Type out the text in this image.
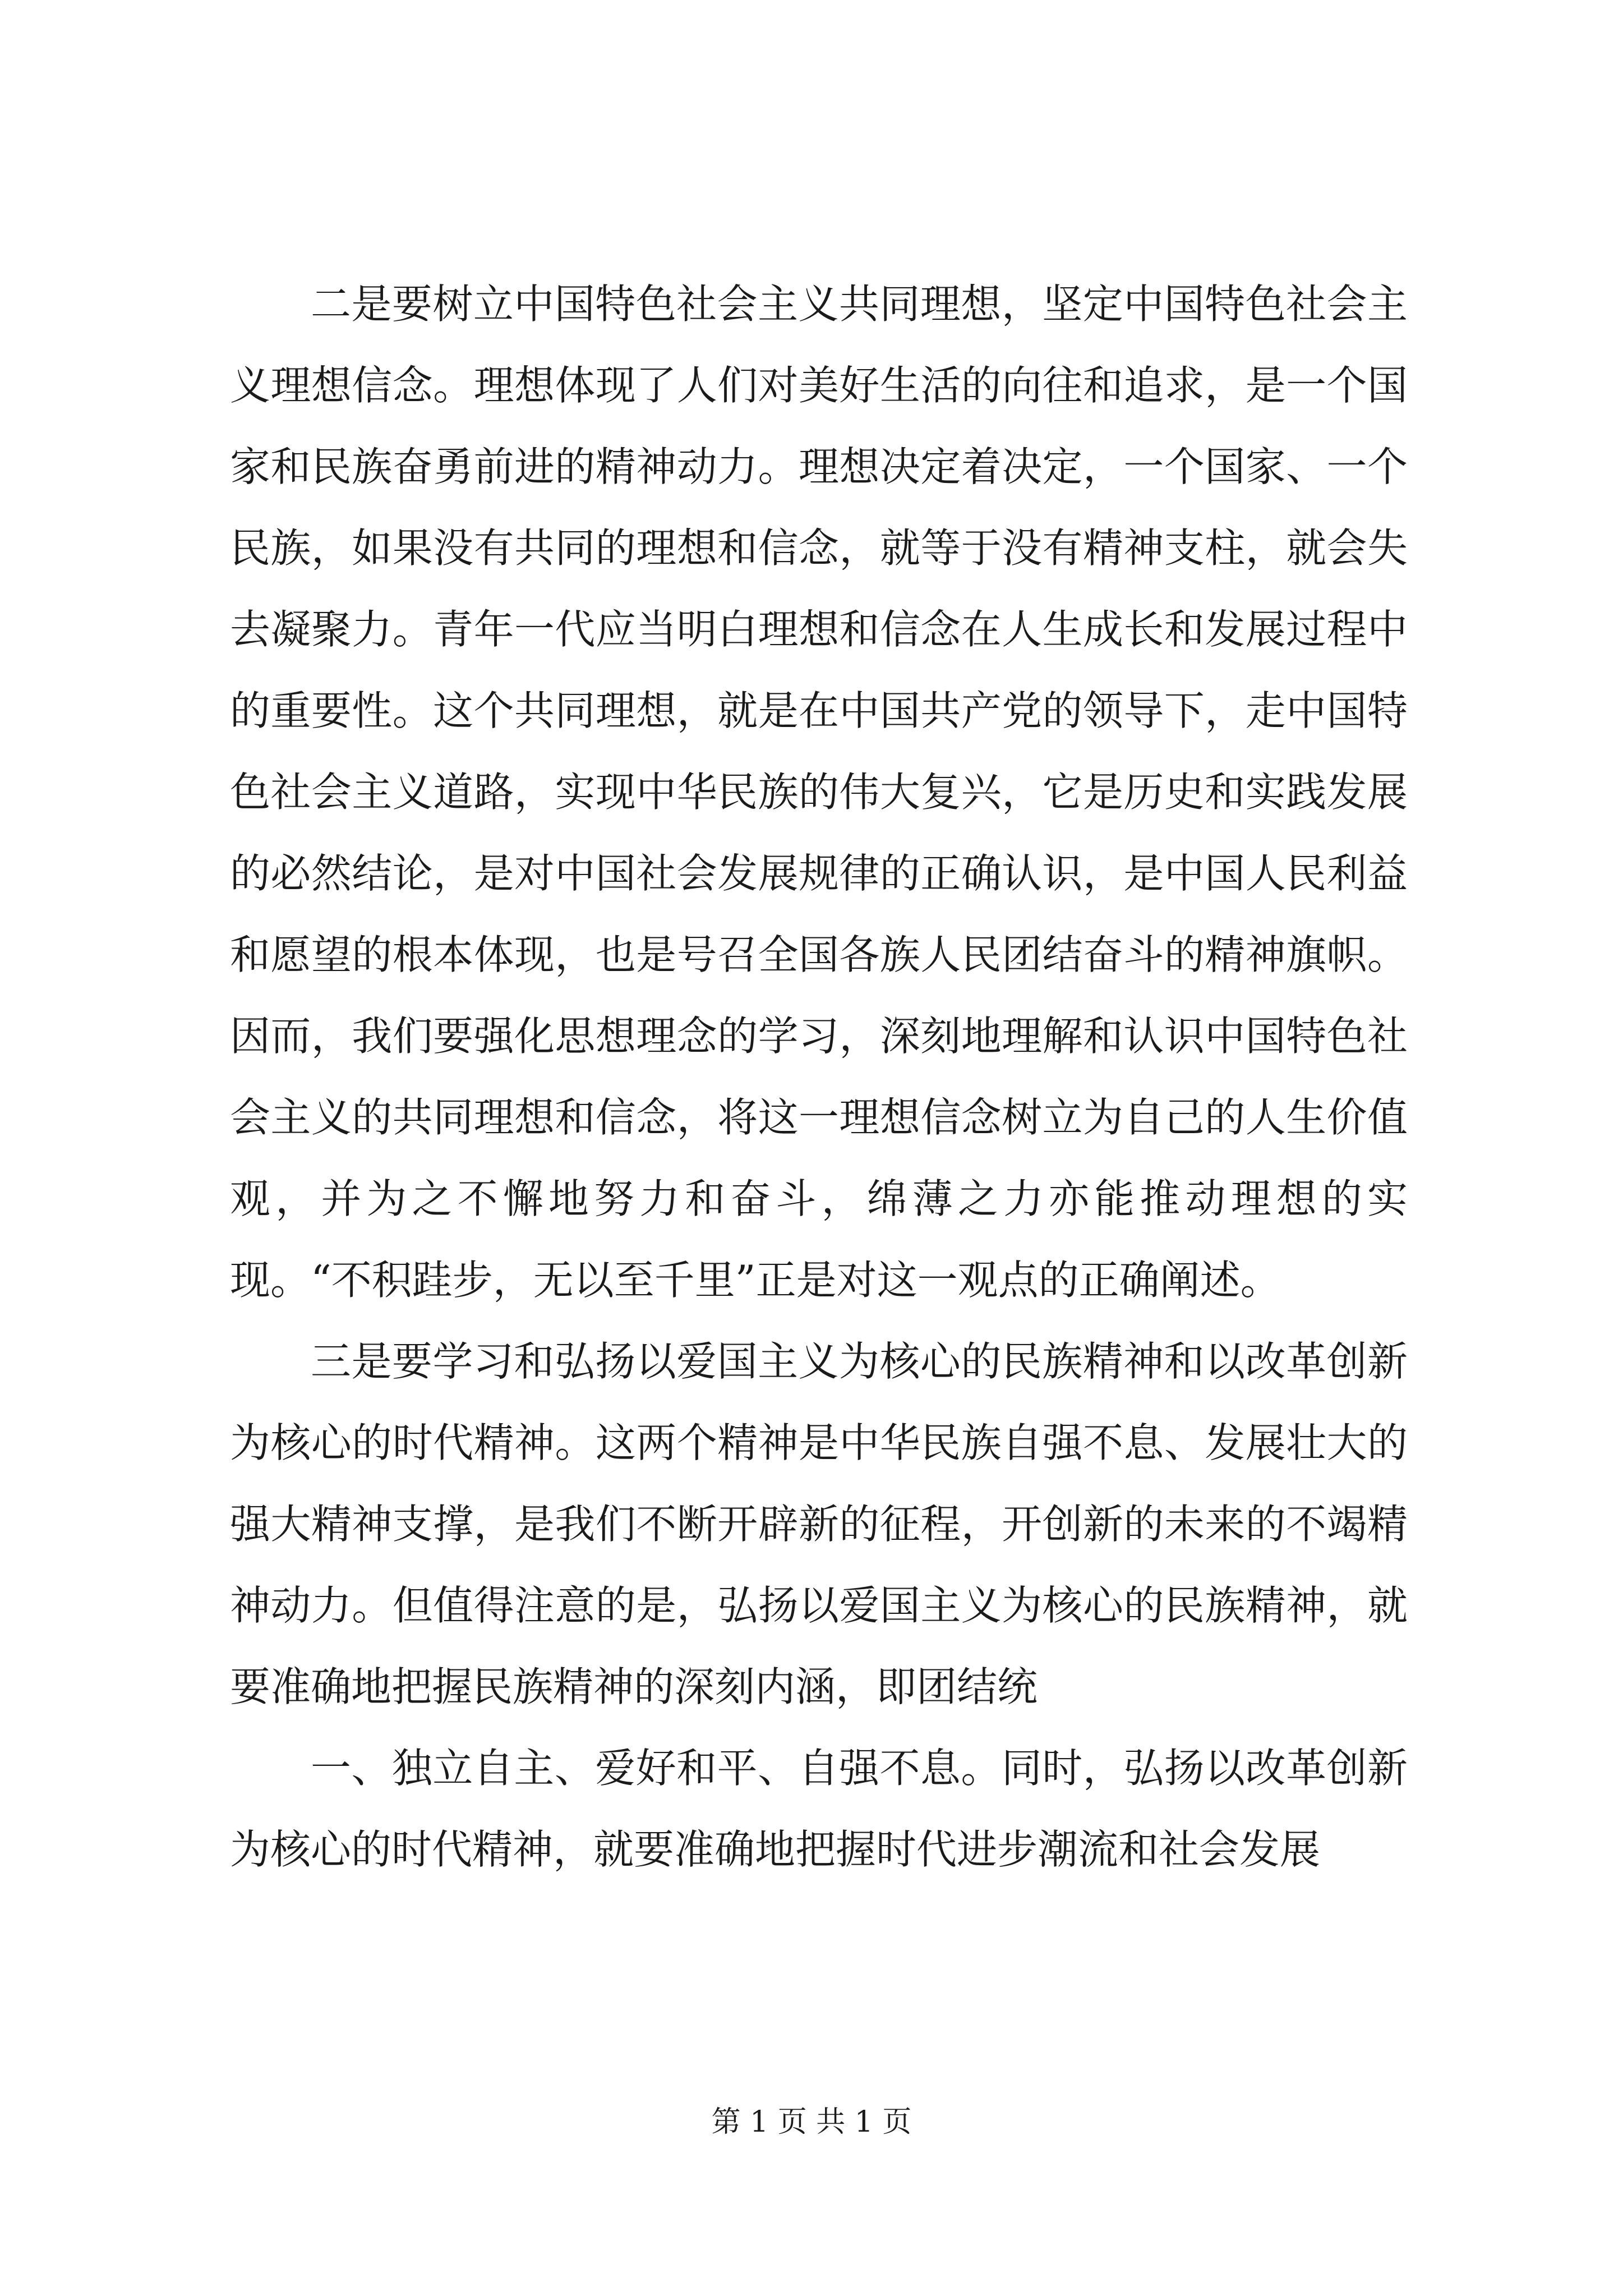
二是要树立中国特色社会主义共同理想，坚定中国特色社会主义理想信念。理想体现了人们对美好生活的向往和追求，是一个国家和民族奋勇前进的精神动力。理想决定着决定，一个国家、一个民族，如果没有共同的理想和信念，就等于没有精神支柱，就会失去凝聚力。青年一代应当明白理想和信念在人生成长和发展过程中的重要性。这个共同理想，就是在中国共产党的领导下，走中国特色社会主义道路，实现中华民族的伟大复兴，它是历史和实践发展的必然结论，是对中国社会发展规律的正确认识，是中国人民利益和愿望的根本体现，也是号召全国各族人民团结奋斗的精神旗帜。因而，我们要强化思想理念的学习，深刻地理解和认识中国特色社会主义的共同理想和信念，将这一理想信念树立为自己的人生价值观，并为之不懈地努力和奋斗，绵薄之力亦能推动理想的实现。“不积跬步，无以至千里”正是对这一观点的正确阐述。

三是要学习和弘扬以爱国主义为核心的民族精神和以改革创新为核心的时代精神。这两个精神是中华民族自强不息、发展壮大的强大精神支撑，是我们不断开辟新的征程，开创新的未来的不竭精神动力。但值得注意的是，弘扬以爱国主义为核心的民族精神，就要准确地把握民族精神的深刻内涵，即团结统

一、独立自主、爱好和平、自强不息。同时，弘扬以改革创新为核心的时代精神，就要准确地把握时代进步潮流和社会发展

第 1 页 共 1 页
